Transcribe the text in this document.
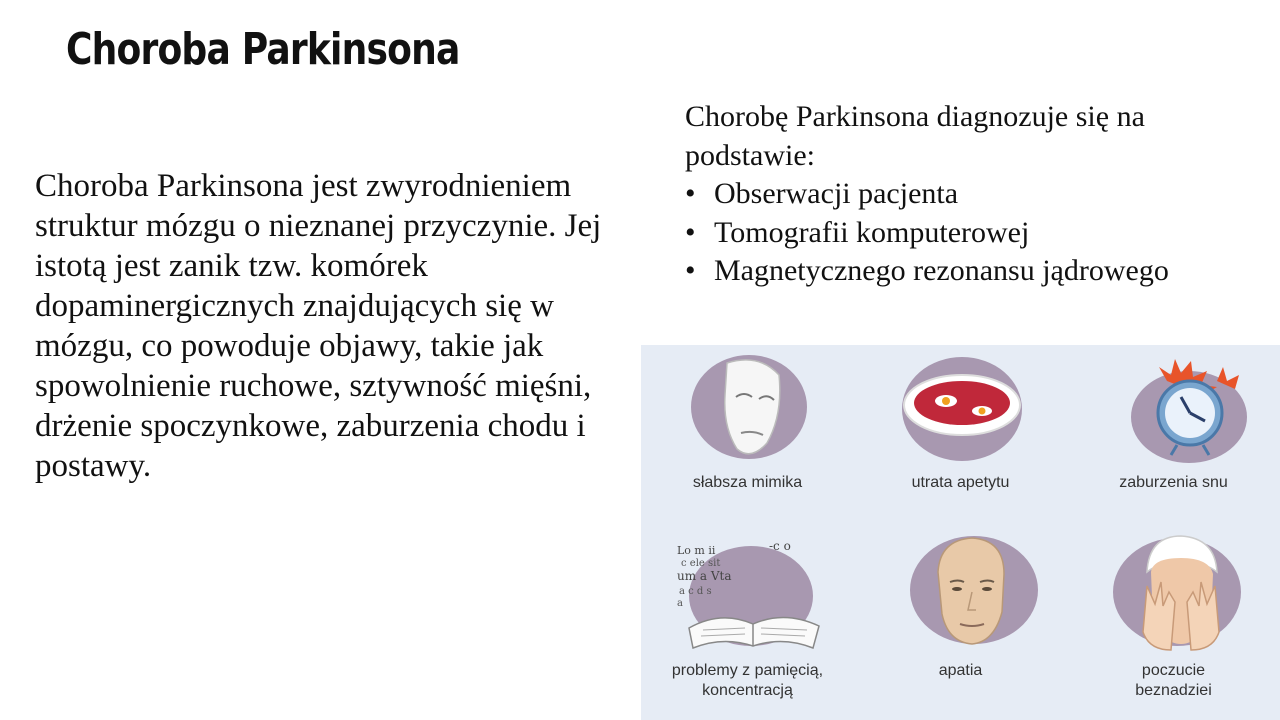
Choroba Parkinsona
Choroba Parkinsona jest zwyrodnieniem struktur mózgu o nieznanej przyczynie. Jej istotą jest zanik tzw. komórek dopaminergicznych znajdujących się w mózgu, co powoduje objawy, takie jak spowolnienie ruchowe, sztywność mięśni, drżenie spoczynkowe, zaburzenia chodu i postawy.
Chorobę Parkinsona diagnozuje się na podstawie:
• Obserwacji pacjenta
• Tomografii komputerowej
• Magnetycznego rezonansu jądrowego
słabsza mimika	utrata apetytu	zaburzenia snu
Lo m ii
c ele sit
um a Vta
a c d s
a
-c o
problemy z pamięcią,
koncentracją
apatia	poczucie
beznadziei
